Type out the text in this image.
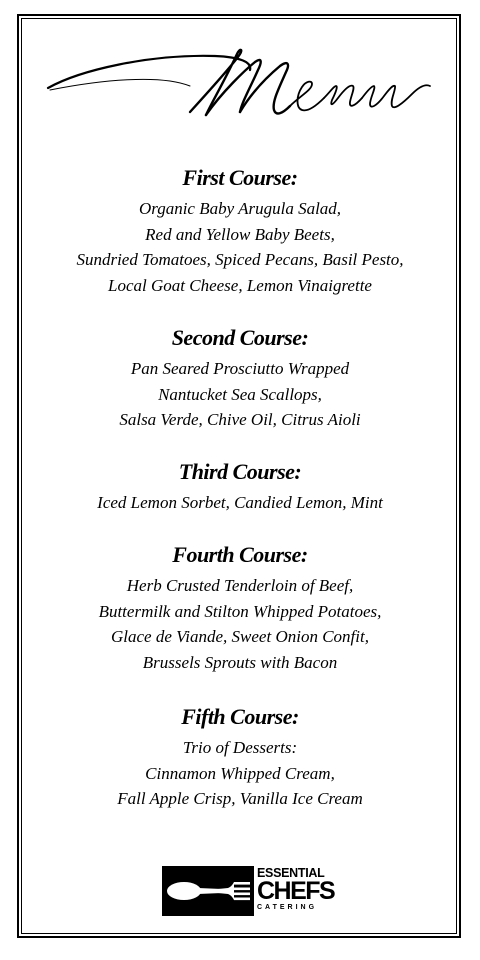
First Course:
Organic Baby Arugula Salad,
Red and Yellow Baby Beets,
Sundried Tomatoes, Spiced Pecans, Basil Pesto,
Local Goat Cheese, Lemon Vinaigrette
Second Course:
Pan Seared Prosciutto Wrapped
Nantucket Sea Scallops,
Salsa Verde, Chive Oil, Citrus Aioli
Third Course:
Iced Lemon Sorbet, Candied Lemon, Mint
Fourth Course:
Herb Crusted Tenderloin of Beef,
Buttermilk and Stilton Whipped Potatoes,
Glace de Viande, Sweet Onion Confit,
Brussels Sprouts with Bacon
Fifth Course:
Trio of Desserts:
Cinnamon Whipped Cream,
Fall Apple Crisp, Vanilla Ice Cream
ESSENTIAL
CHEFS
CATERING
